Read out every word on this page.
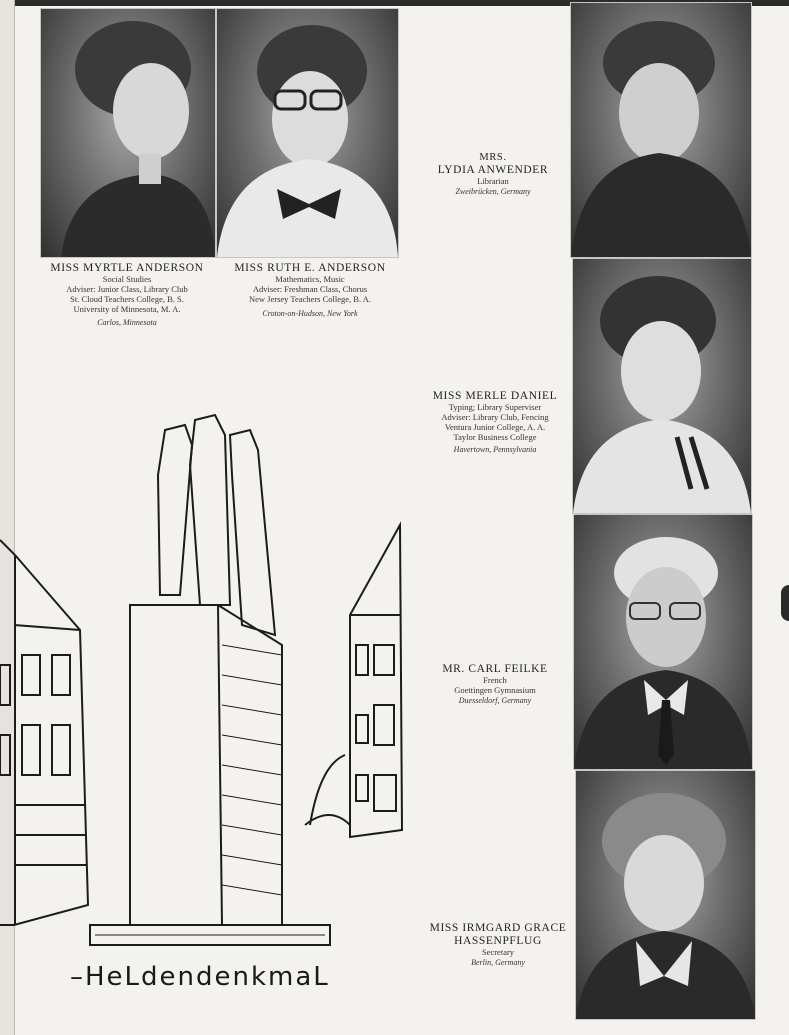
MISS MYRTLE ANDERSON
Social Studies
Adviser: Junior Class, Library Club
St. Cloud Teachers College, B. S.
University of Minnesota, M. A.
Carlos, Minnesota
MISS RUTH E. ANDERSON
Mathematics, Music
Adviser: Freshman Class, Chorus
New Jersey Teachers College, B. A.
Croton-on-Hudson, New York
MRS.
LYDIA ANWENDER
Librarian
Zweibrücken, Germany
MISS MERLE DANIEL
Typing; Library Superviser
Adviser: Library Club, Fencing
Ventura Junior College, A. A.
Taylor Business College
Havertown, Pennsylvania
MR. CARL FEILKE
French
Goettingen Gymnasium
Duesseldorf, Germany
MISS IRMGARD GRACE
HASSENPFLUG
Secretary
Berlin, Germany
–HeLdendenkmaL
